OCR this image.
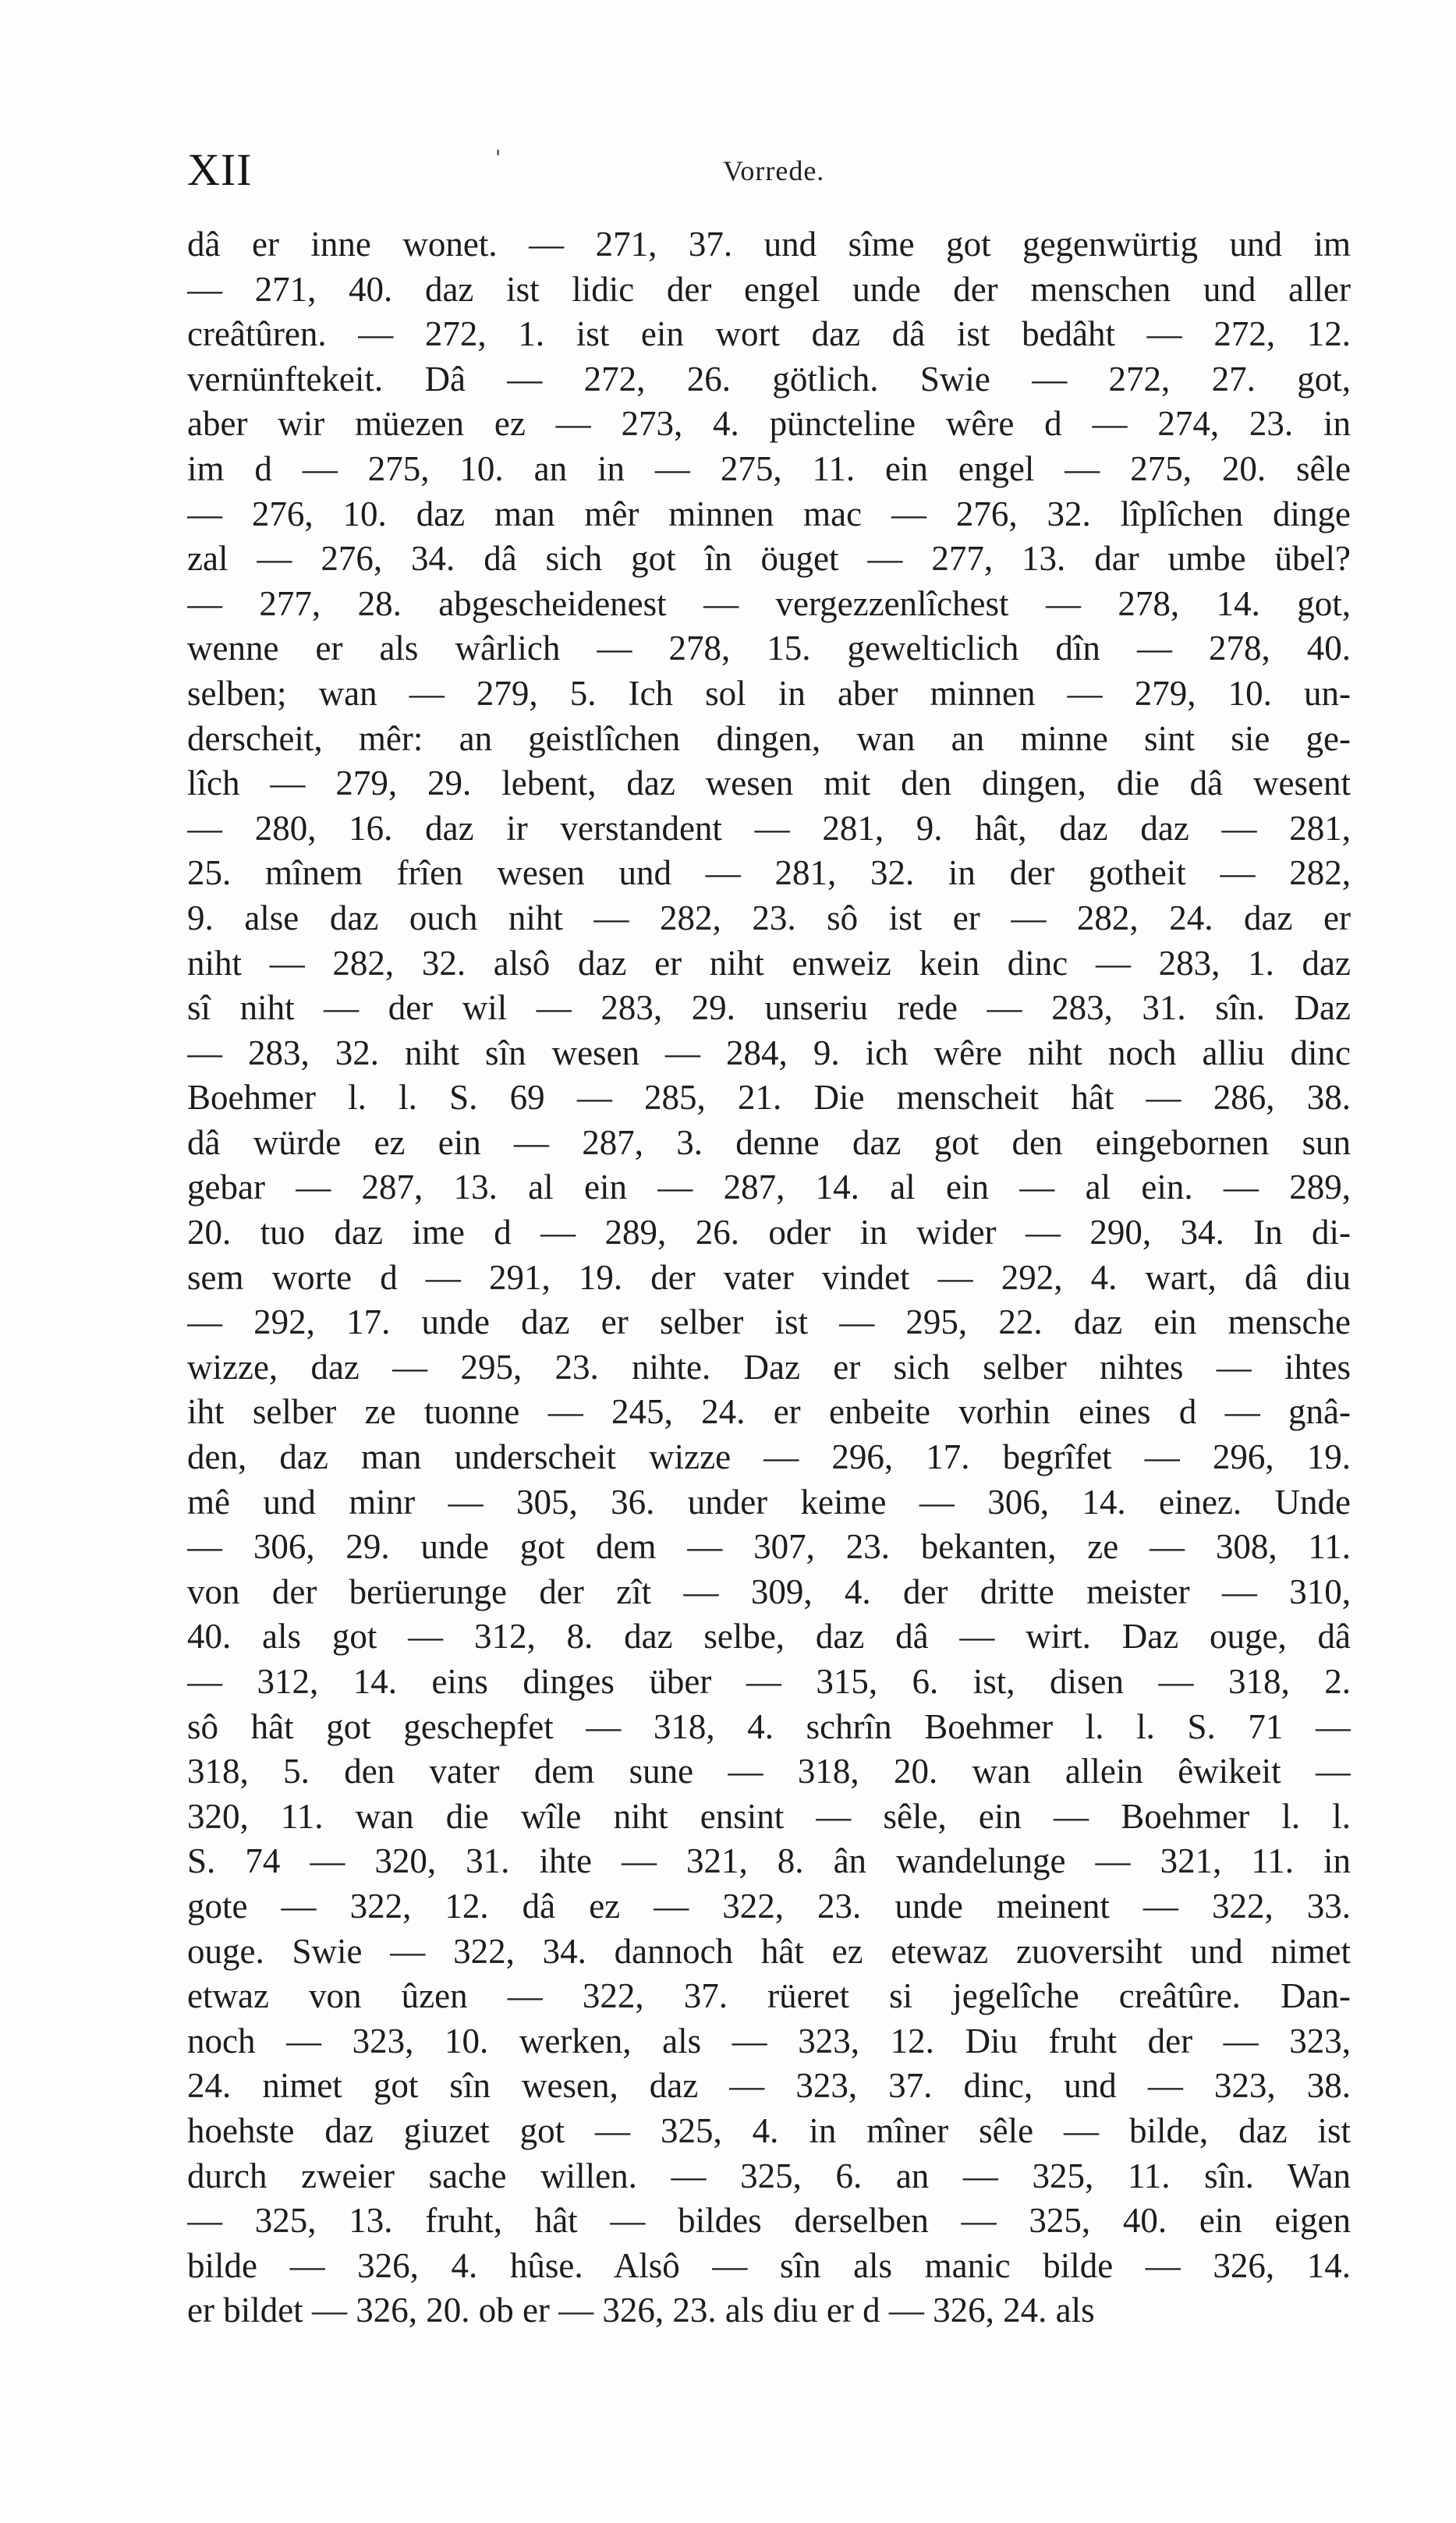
XII	'	Vorrede.
dâ er inne wonet. — 271, 37. und sîme got gegenwürtig und im
— 271, 40. daz ist lidic der engel unde der menschen und aller
creâtûren. — 272, 1. ist ein wort daz dâ ist bedâht — 272, 12.
vernünftekeit. Dâ — 272, 26. götlich. Swie — 272, 27. got,
aber wir müezen ez — 273, 4. püncteline wêre d — 274, 23. in
im d — 275, 10. an in — 275, 11. ein engel — 275, 20. sêle
— 276, 10. daz man mêr minnen mac — 276, 32. lîplîchen dinge
zal — 276, 34. dâ sich got în öuget — 277, 13. dar umbe übel?
— 277, 28. abgescheidenest — vergezzenlîchest — 278, 14. got,
wenne er als wârlich — 278, 15. gewelticlich dîn — 278, 40.
selben; wan — 279, 5. Ich sol in aber minnen — 279, 10. un-
derscheit, mêr: an geistlîchen dingen, wan an minne sint sie ge-
lîch — 279, 29. lebent, daz wesen mit den dingen, die dâ wesent
— 280, 16. daz ir verstandent — 281, 9. hât, daz daz — 281,
25. mînem frîen wesen und — 281, 32. in der gotheit — 282,
9. alse daz ouch niht — 282, 23. sô ist er — 282, 24. daz er
niht — 282, 32. alsô daz er niht enweiz kein dinc — 283, 1. daz
sî niht — der wil — 283, 29. unseriu rede — 283, 31. sîn. Daz
— 283, 32. niht sîn wesen — 284, 9. ich wêre niht noch alliu dinc
Boehmer l. l. S. 69 — 285, 21. Die menscheit hât — 286, 38.
dâ würde ez ein — 287, 3. denne daz got den eingebornen sun
gebar — 287, 13. al ein — 287, 14. al ein — al ein. — 289,
20. tuo daz ime d — 289, 26. oder in wider — 290, 34. In di-
sem worte d — 291, 19. der vater vindet — 292, 4. wart, dâ diu
— 292, 17. unde daz er selber ist — 295, 22. daz ein mensche
wizze, daz — 295, 23. nihte. Daz er sich selber nihtes — ihtes
iht selber ze tuonne — 245, 24. er enbeite vorhin eines d — gnâ-
den, daz man underscheit wizze — 296, 17. begrîfet — 296, 19.
mê und minr — 305, 36. under keime — 306, 14. einez. Unde
— 306, 29. unde got dem — 307, 23. bekanten, ze — 308, 11.
von der berüerunge der zît — 309, 4. der dritte meister — 310,
40. als got — 312, 8. daz selbe, daz dâ — wirt. Daz ouge, dâ
— 312, 14. eins dinges über — 315, 6. ist, disen — 318, 2.
sô hât got geschepfet — 318, 4. schrîn Boehmer l. l. S. 71 —
318, 5. den vater dem sune — 318, 20. wan allein êwikeit —
320, 11. wan die wîle niht ensint — sêle, ein — Boehmer l. l.
S. 74 — 320, 31. ihte — 321, 8. ân wandelunge — 321, 11. in
gote — 322, 12. dâ ez — 322, 23. unde meinent — 322, 33.
ouge. Swie — 322, 34. dannoch hât ez etewaz zuoversiht und nimet
etwaz von ûzen — 322, 37. rüeret si jegelîche creâtûre. Dan-
noch — 323, 10. werken, als — 323, 12. Diu fruht der — 323,
24. nimet got sîn wesen, daz — 323, 37. dinc, und — 323, 38.
hoehste daz giuzet got — 325, 4. in mîner sêle — bilde, daz ist
durch zweier sache willen. — 325, 6. an — 325, 11. sîn. Wan
— 325, 13. fruht, hât — bildes derselben — 325, 40. ein eigen
bilde — 326, 4. hûse. Alsô — sîn als manic bilde — 326, 14.
er bildet — 326, 20. ob er — 326, 23. als diu er d — 326, 24. als
